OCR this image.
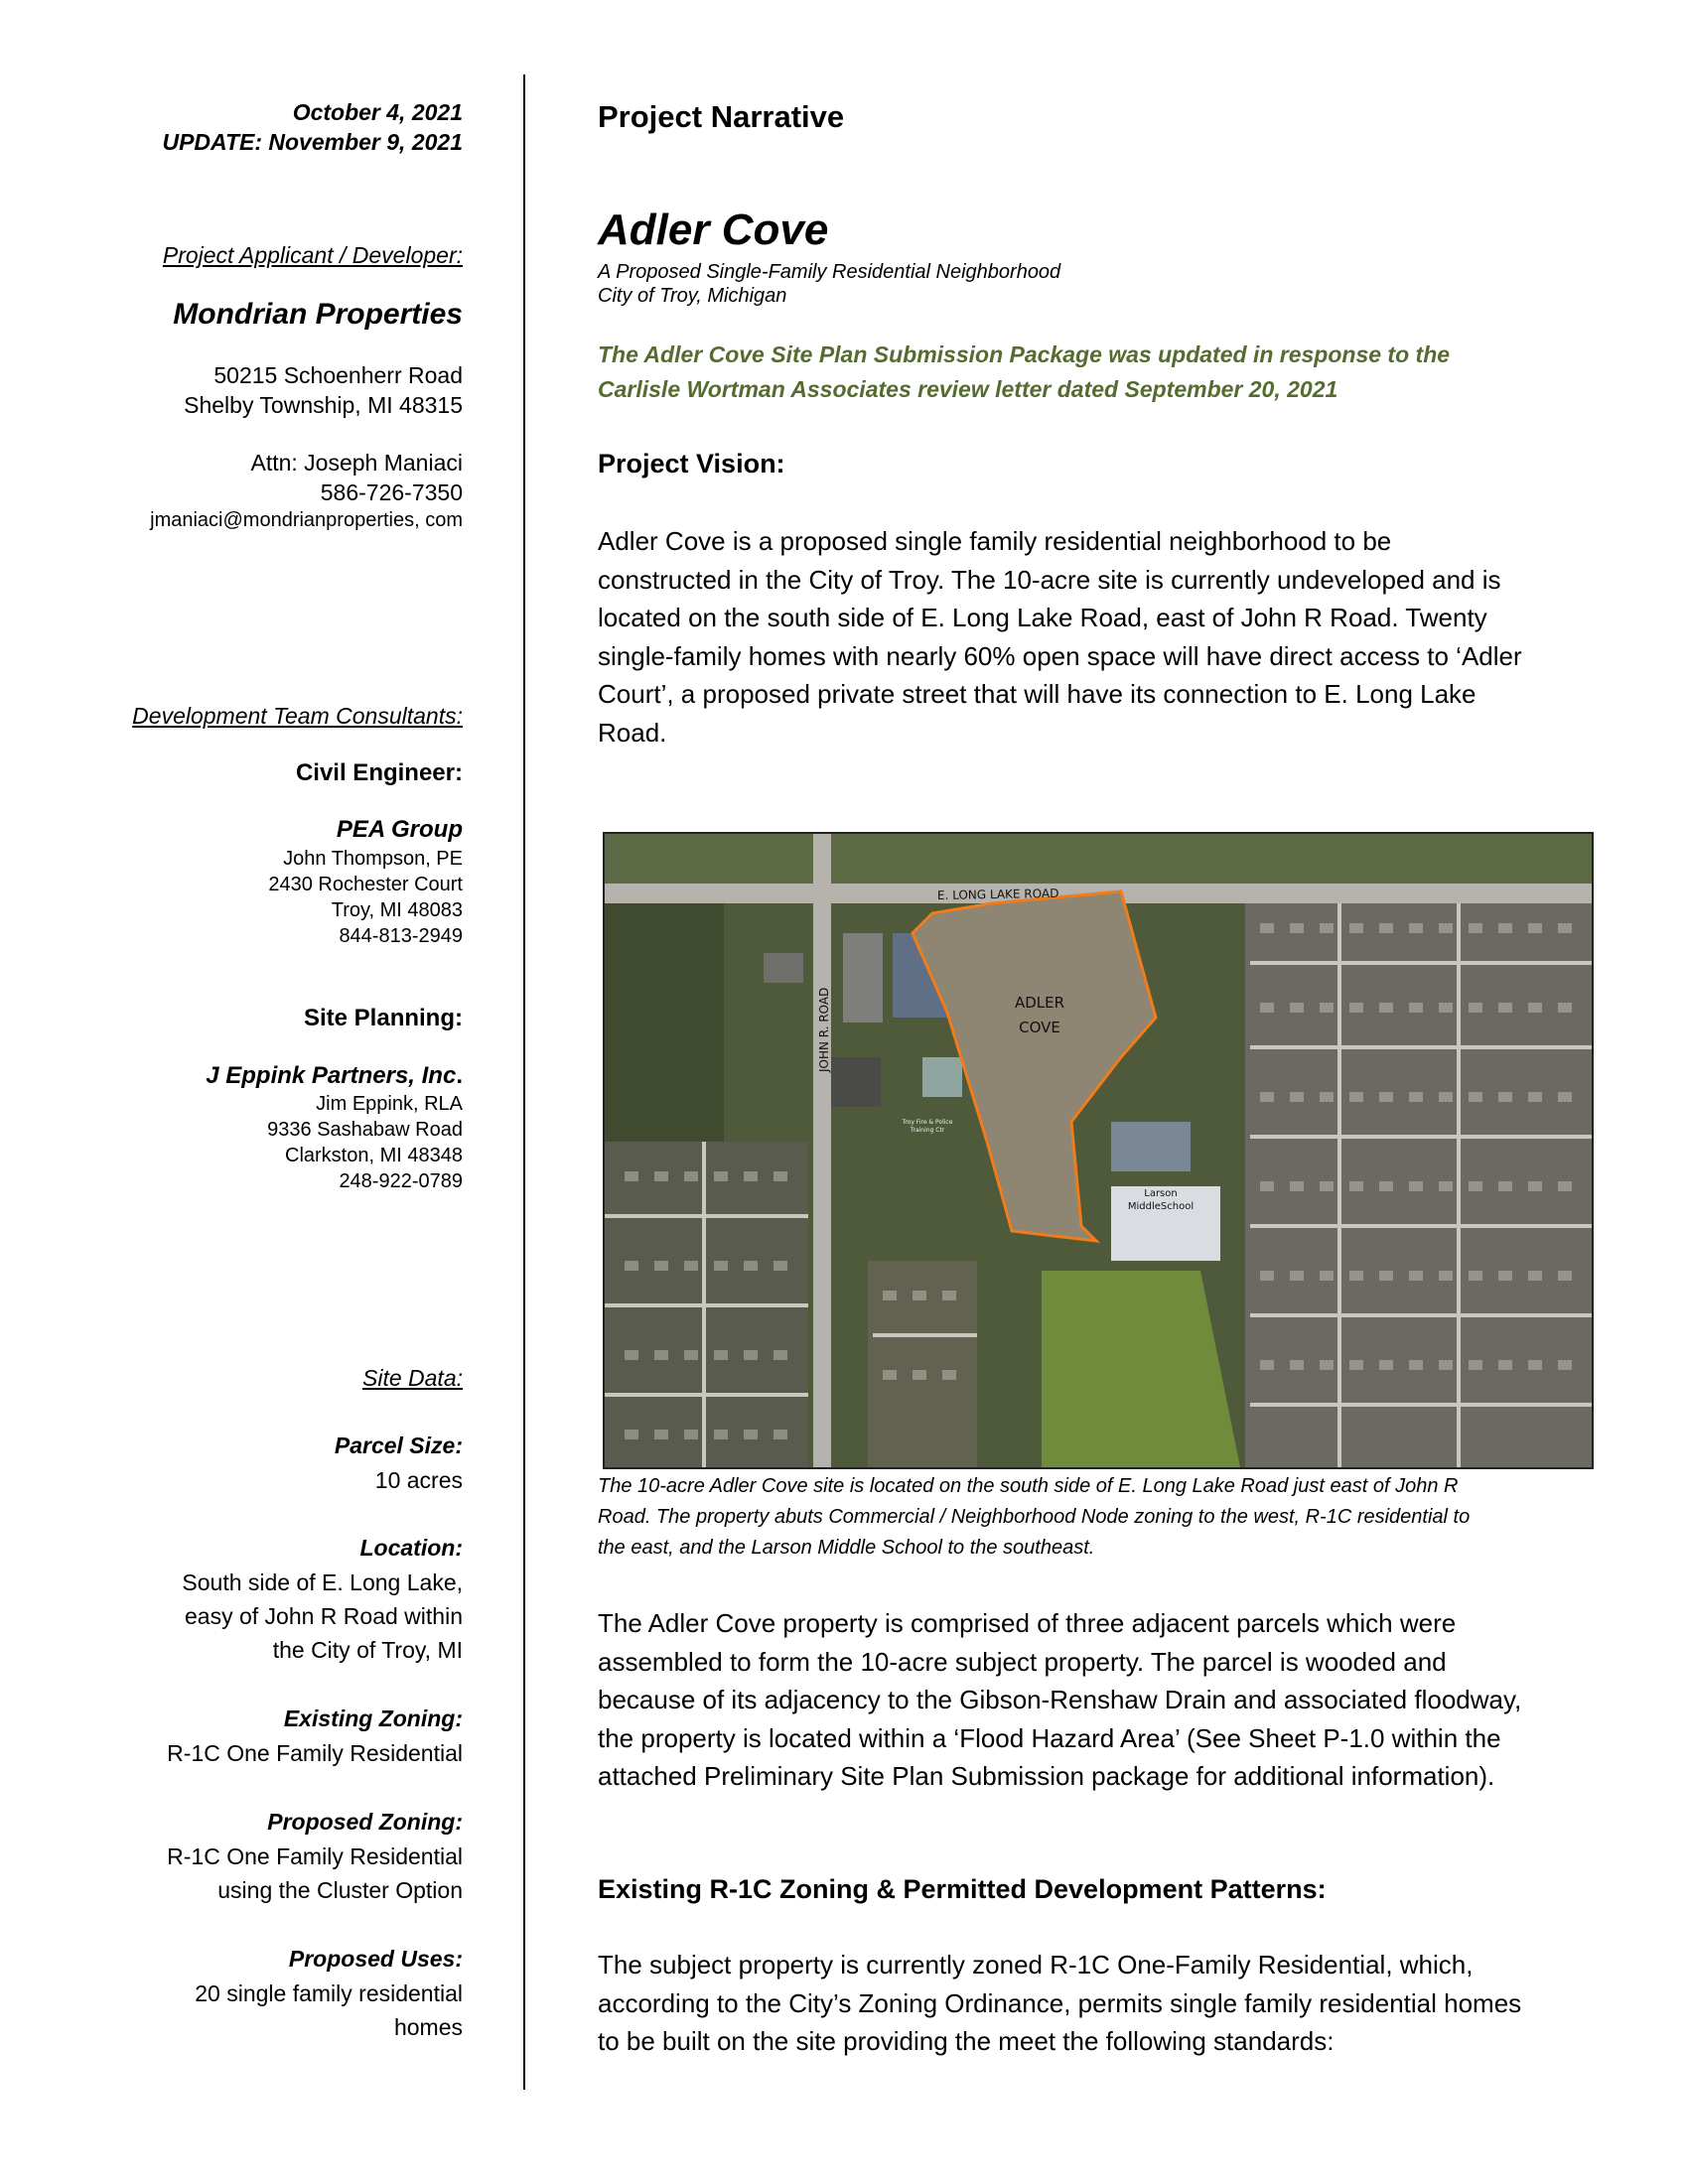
October 4, 2021
UPDATE: November 9, 2021
Project Applicant / Developer:
Mondrian Properties
50215 Schoenherr Road
Shelby Township, MI 48315
Attn: Joseph Maniaci
586-726-7350
jmaniaci@mondrianproperties, com
Development Team Consultants:
Civil Engineer:
PEA Group
John Thompson, PE
2430 Rochester Court
Troy, MI 48083
844-813-2949
Site Planning:
J Eppink Partners, Inc.
Jim Eppink, RLA
9336 Sashabaw Road
Clarkston, MI 48348
248-922-0789
Site Data:
Parcel Size:
10 acres
Location:
South side of E. Long Lake,
easy of John R Road within
the City of Troy, MI
Existing Zoning:
R-1C One Family Residential
Proposed Zoning:
R-1C One Family Residential
using the Cluster Option
Proposed Uses:
20 single family residential
homes
Project Narrative
Adler Cove
A Proposed Single-Family Residential Neighborhood
City of Troy, Michigan
The Adler Cove Site Plan Submission Package was updated in response to the
Carlisle Wortman Associates review letter dated September 20, 2021
Project Vision:
Adler Cove is a proposed single family residential neighborhood to be
constructed in the City of Troy. The 10-acre site is currently undeveloped and is
located on the south side of E. Long Lake Road, east of John R Road. Twenty
single-family homes with nearly 60% open space will have direct access to ‘Adler
Court’, a proposed private street that will have its connection to E. Long Lake
Road.
E. LONG LAKE ROAD
JOHN R. ROAD	ADLER
COVE
Larson
MiddleSchool
Troy Fire & Police
Training Ctr
The 10-acre Adler Cove site is located on the south side of E. Long Lake Road just east of John R
Road. The property abuts Commercial / Neighborhood Node zoning to the west, R-1C residential to
the east, and the Larson Middle School to the southeast.
The Adler Cove property is comprised of three adjacent parcels which were
assembled to form the 10-acre subject property. The parcel is wooded and
because of its adjacency to the Gibson-Renshaw Drain and associated floodway,
the property is located within a ‘Flood Hazard Area’ (See Sheet P-1.0 within the
attached Preliminary Site Plan Submission package for additional information).
Existing R-1C Zoning & Permitted Development Patterns:
The subject property is currently zoned R-1C One-Family Residential, which,
according to the City’s Zoning Ordinance, permits single family residential homes
to be built on the site providing the meet the following standards:
